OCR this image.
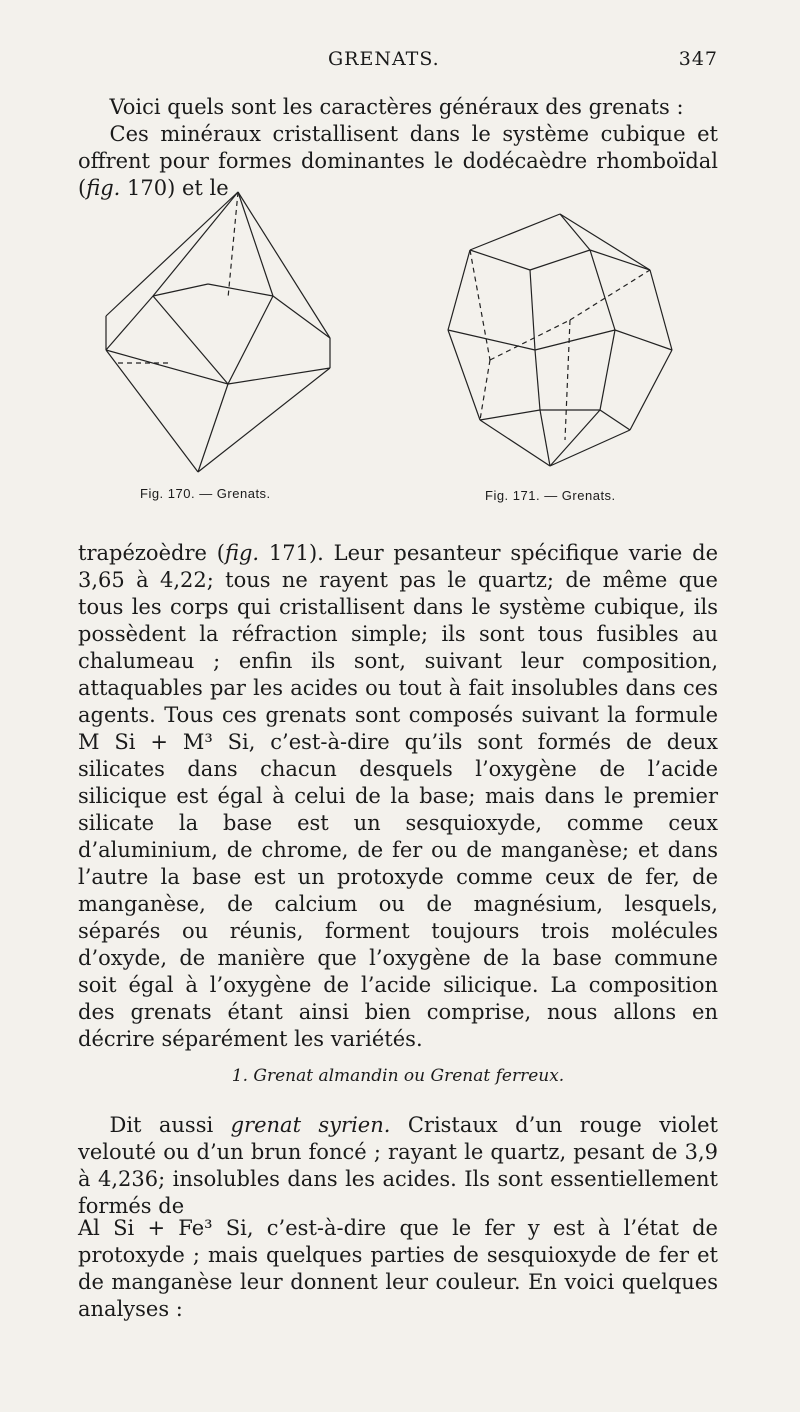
GRENATS.	347
Voici quels sont les caractères généraux des grenats :
Ces minéraux cristallisent dans le système cubique et offrent pour formes dominantes le dodécaèdre rhomboïdal (fig. 170) et le
Fig. 170. — Grenats.	Fig. 171. — Grenats.
trapézoèdre (fig. 171). Leur pesanteur spécifique varie de 3,65 à 4,22; tous ne rayent pas le quartz; de même que tous les corps qui cristallisent dans le système cubique, ils possèdent la réfraction simple; ils sont tous fusibles au chalumeau ; enfin ils sont, suivant leur composition, attaquables par les acides ou tout à fait insolubles dans ces agents. Tous ces grenats sont composés suivant la formule M Si + M³ Si, c’est-à-dire qu’ils sont formés de deux silicates dans chacun desquels l’oxygène de l’acide silicique est égal à celui de la base; mais dans le premier silicate la base est un sesquioxyde, comme ceux d’aluminium, de chrome, de fer ou de manganèse; et dans l’autre la base est un protoxyde comme ceux de fer, de manganèse, de calcium ou de magnésium, lesquels, séparés ou réunis, forment toujours trois molécules d’oxyde, de manière que l’oxygène de la base commune soit égal à l’oxygène de l’acide silicique. La composition des grenats étant ainsi bien comprise, nous allons en décrire séparément les variétés.
1. Grenat almandin ou Grenat ferreux.
Dit aussi grenat syrien. Cristaux d’un rouge violet velouté ou d’un brun foncé ; rayant le quartz, pesant de 3,9 à 4,236; insolubles dans les acides. Ils sont essentiellement formés de
Al Si + Fe³ Si, c’est-à-dire que le fer y est à l’état de protoxyde ; mais quelques parties de sesquioxyde de fer et de manganèse leur donnent leur couleur. En voici quelques analyses :
